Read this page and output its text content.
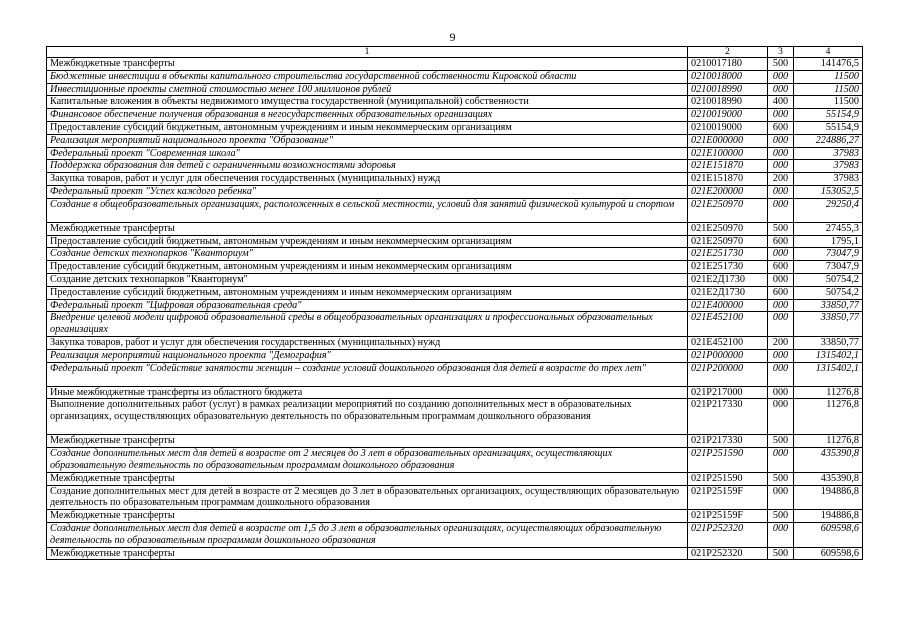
9
1	2	3	4
Межбюджетные трансферты	0210017180	500	141476,5
Бюджетные инвестиции в объекты капитального строительства государственной собственности Кировской области	0210018000	000	11500
Инвестиционные проекты сметной стоимостью менее 100 миллионов рублей	0210018990	000	11500
Капитальные вложения в объекты недвижимого имущества государственной (муниципальной) собственности	0210018990	400	11500
Финансовое обеспечение получения образования в негосударственных образовательных организациях	0210019000	000	55154,9
Предоставление субсидий бюджетным, автономным учреждениям и иным некоммерческим организациям	0210019000	600	55154,9
Реализация мероприятий национального проекта "Образование"	021E000000	000	224886,27
Федеральный проект "Современная школа"	021E100000	000	37983
Поддержка образования для детей с ограниченными возможностями здоровья	021E151870	000	37983
Закупка товаров, работ и услуг для обеспечения государственных (муниципальных) нужд	021E151870	200	37983
Федеральный проект "Успех каждого ребенка"	021E200000	000	153052,5
Создание в общеобразовательных организациях, расположенных в сельской местности, условий для занятий физической культурой и спортом	021E250970	000	29250,4
Межбюджетные трансферты	021E250970	500	27455,3
Предоставление субсидий бюджетным, автономным учреждениям и иным некоммерческим организациям	021E250970	600	1795,1
Создание детских технопарков "Кванториум"	021E251730	000	73047,9
Предоставление субсидий бюджетным, автономным учреждениям и иным некоммерческим организациям	021E251730	600	73047,9
Создание детских технопарков "Кванторнум"	021E2Д1730	000	50754,2
Предоставление субсидий бюджетным, автономным учреждениям и иным некоммерческим организациям	021E2Д1730	600	50754,2
Федеральный проект "Цифровая образовательная среда"	021E400000	000	33850,77
Внедрение целевой модели цифровой образовательной среды в общеобразовательных организациях и профессиональных образовательных организациях	021E452100	000	33850,77
Закупка товаров, работ и услуг для обеспечения государственных (муниципальных) нужд	021E452100	200	33850,77
Реализация мероприятий национального проекта "Демография"	021P000000	000	1315402,1
Федеральный проект "Содействие занятости женщин – создание условий дошкольного образования для детей в возрасте до трех лет"	021P200000	000	1315402,1
Иные межбюджетные трансферты из областного бюджета	021P217000	000	11276,8
Выполнение дополнительных работ (услуг) в рамках реализации мероприятий по созданию дополнительных мест в образовательных организациях, осуществляющих образовательную деятельность по образовательным программам дошкольного образования	021P217330	000	11276,8
Межбюджетные трансферты	021P217330	500	11276,8
Создание дополнительных мест для детей в возрасте от 2 месяцев до 3 лет в образовательных организациях, осуществляющих образовательную деятельность по образовательным программам дошкольного образования	021P251590	000	435390,8
Межбюджетные трансферты	021P251590	500	435390,8
Создание дополнительных мест для детей в возрасте от 2 месяцев до 3 лет в образовательных организациях, осуществляющих образовательную деятельность по образовательным программам дошкольного образования	021P25159F	000	194886,8
Межбюджетные трансферты	021P25159F	500	194886,8
Создание дополнительных мест для детей в возрасте от 1,5 до 3 лет в образовательных организациях, осуществляющих образовательную деятельность по образовательным программам дошкольного образования	021P252320	000	609598,6
Межбюджетные трансферты	021P252320	500	609598,6
